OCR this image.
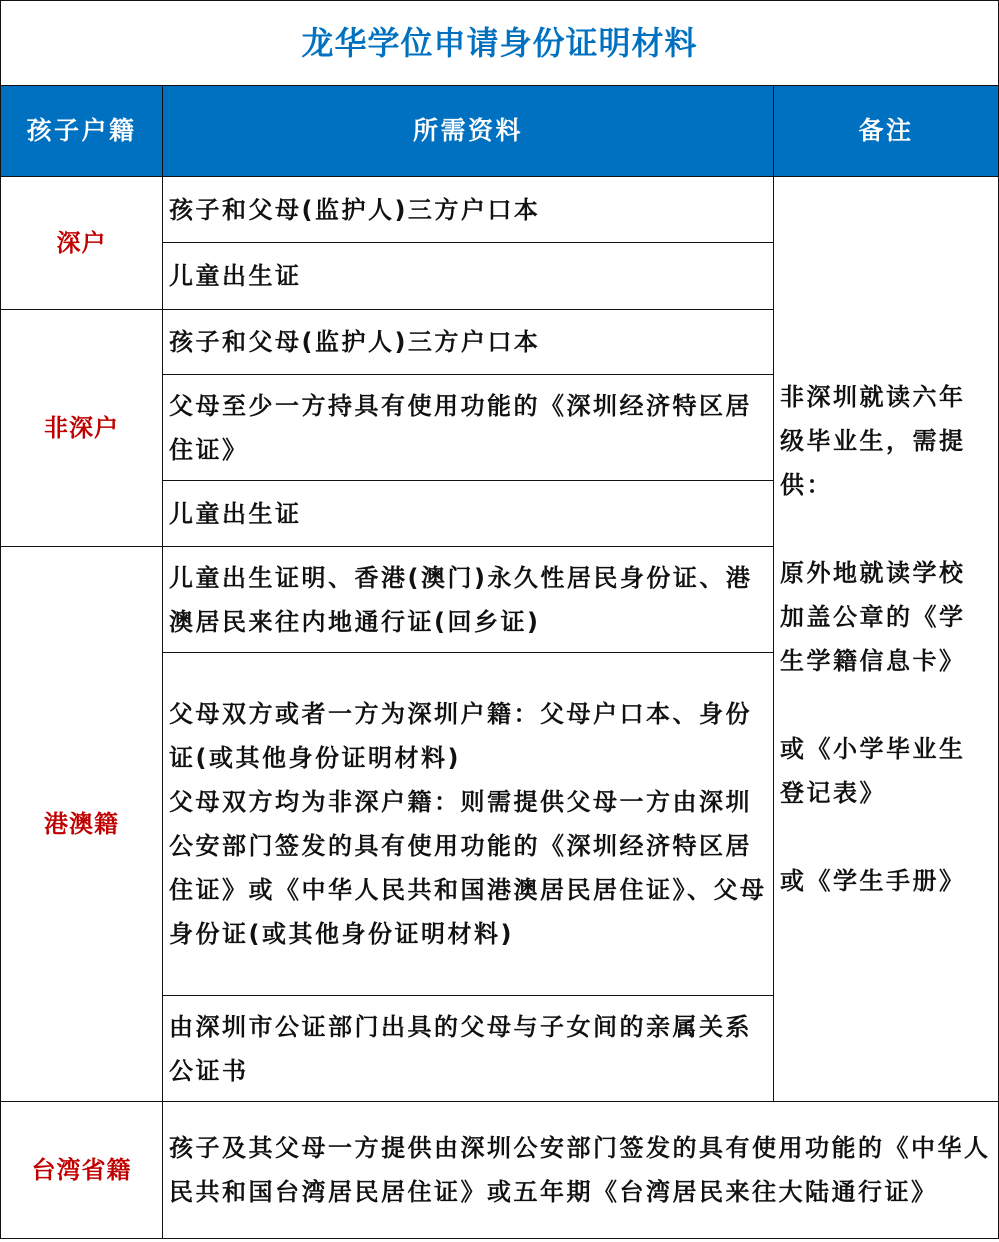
龙华学位申请身份证明材料		
孩子户籍	所需资料	备注
深户	孩子和父母(监护人)三方户口本	非深圳就读六年级毕业生，需提供：

原外地就读学校加盖公章的《学生学籍信息卡》

或《小学毕业生登记表》

或《学生手册》

	儿童出生证	
非深户	孩子和父母(监护人)三方户口本	
	父母至少一方持具有使用功能的《深圳经济特区居住证》	
	儿童出生证	
港澳籍	儿童出生证明、香港(澳门)永久性居民身份证、港澳居民来往内地通行证(回乡证)	

	父母双方或者一方为深圳户籍：父母户口本、身份证(或其他身份证明材料)

父母双方均为非深户籍：则需提供父母一方由深圳公安部门签发的具有使用功能的《深圳经济特区居住证》或《中华人民共和国港澳居民居住证》、父母身份证(或其他身份证明材料)	

	由深圳市公证部门出具的父母与子女间的亲属关系公证书	
台湾省籍	孩子及其父母一方提供由深圳公安部门签发的具有使用功能的《中华人民共和国台湾居民居住证》或五年期《台湾居民来往大陆通行证》	
